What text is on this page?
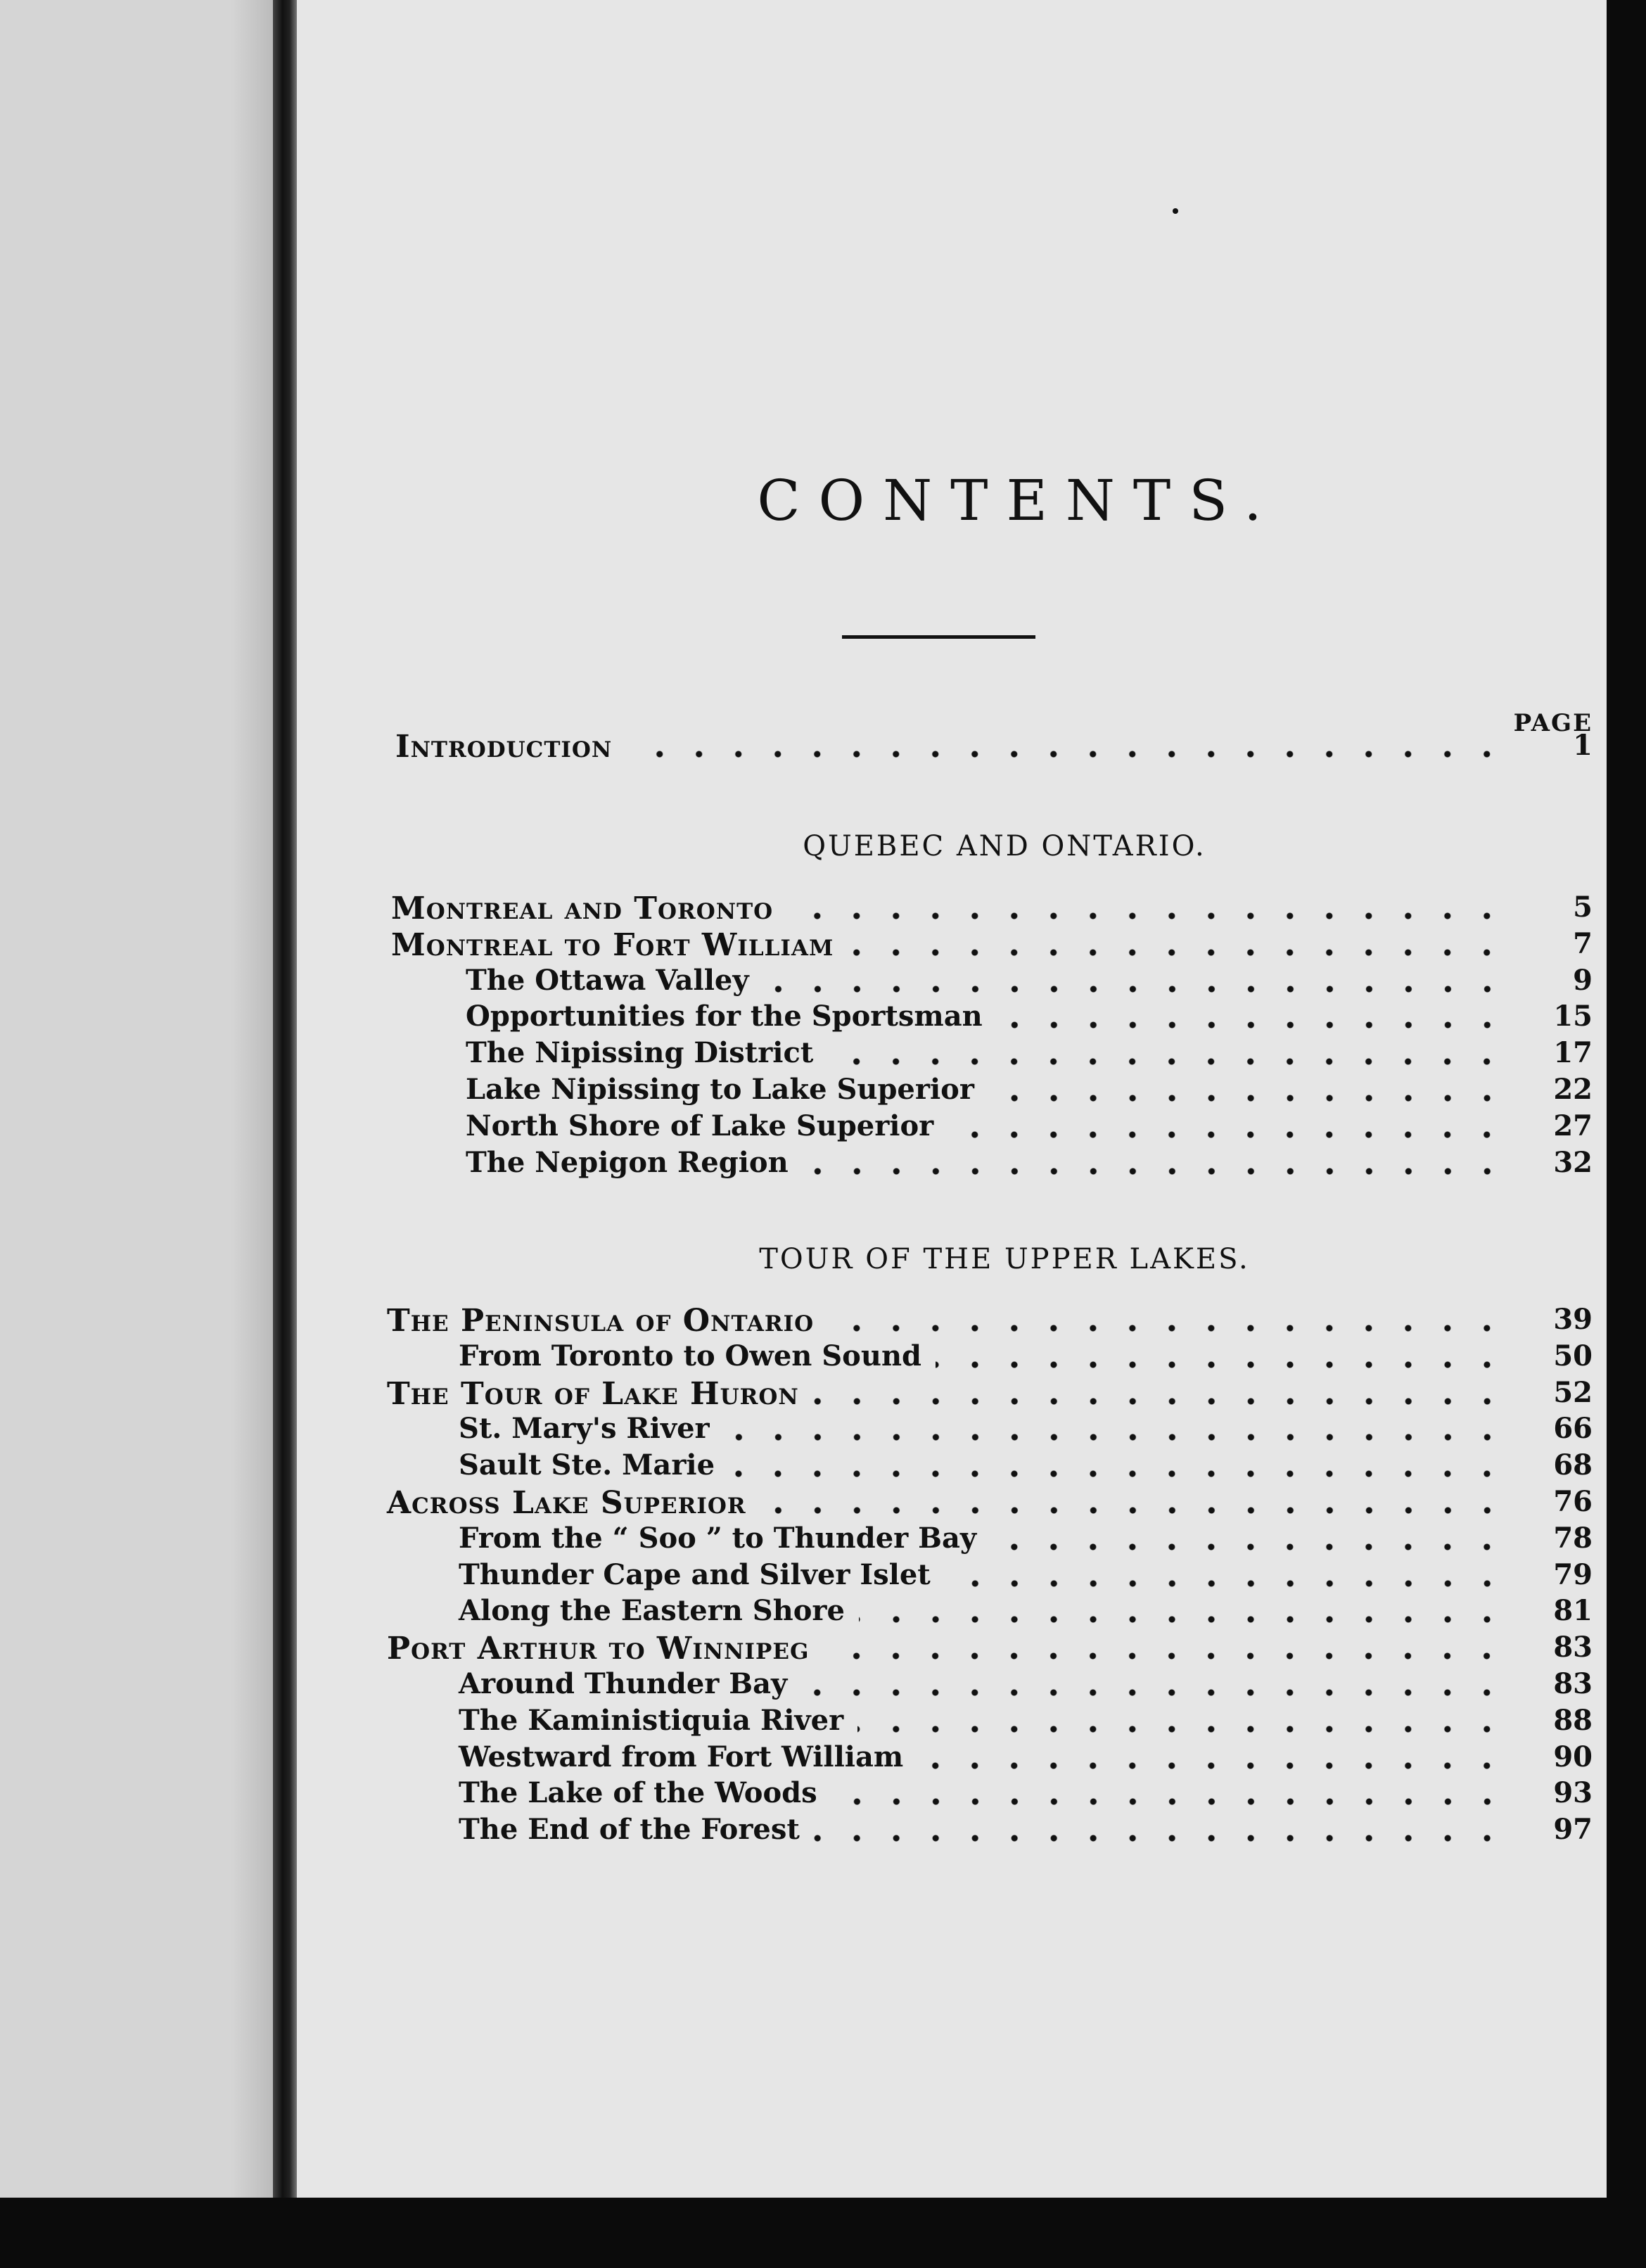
CONTENTS.
PAGE
Introduction	1
QUEBEC AND ONTARIO.
Montreal and Toronto	5
Montreal to Fort William	7
The Ottawa Valley	9
Opportunities for the Sportsman	15
The Nipissing District	17
Lake Nipissing to Lake Superior	22
North Shore of Lake Superior	27
The Nepigon Region	32
TOUR OF THE UPPER LAKES.
The Peninsula of Ontario	39
From Toronto to Owen Sound	50
The Tour of Lake Huron	52
St. Mary's River	66
Sault Ste. Marie	68
Across Lake Superior	76
From the “ Soo ” to Thunder Bay	78
Thunder Cape and Silver Islet	79
Along the Eastern Shore	81
Port Arthur to Winnipeg	83
Around Thunder Bay	83
The Kaministiquia River	88
Westward from Fort William	90
The Lake of the Woods	93
The End of the Forest	97
